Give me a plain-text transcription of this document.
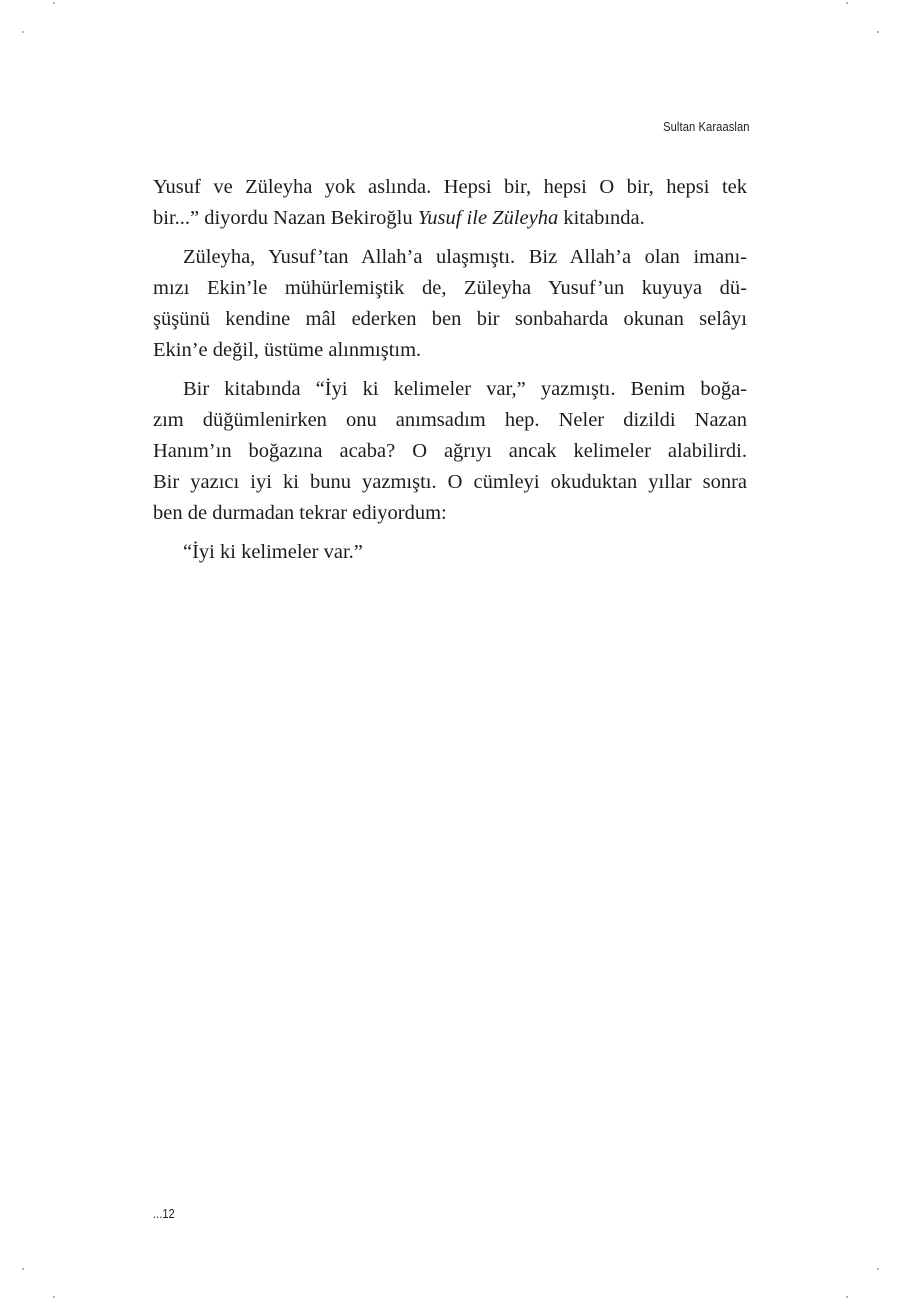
Sultan Karaaslan
Yusuf ve Züleyha yok aslında. Hepsi bir, hepsi O bir, hepsi tek
bir...” diyordu Nazan Bekiroğlu Yusuf ile Züleyha kitabında.
Züleyha, Yusuf’tan Allah’a ulaşmıştı. Biz Allah’a olan imanı-
mızı Ekin’le mühürlemiştik de, Züleyha Yusuf’un kuyuya dü-
şüşünü kendine mâl ederken ben bir sonbaharda okunan selâyı
Ekin’e değil, üstüme alınmıştım.
Bir kitabında “İyi ki kelimeler var,” yazmıştı. Benim boğa-
zım düğümlenirken onu anımsadım hep. Neler dizildi Nazan
Hanım’ın boğazına acaba? O ağrıyı ancak kelimeler alabilirdi.
Bir yazıcı iyi ki bunu yazmıştı. O cümleyi okuduktan yıllar sonra
ben de durmadan tekrar ediyordum:
“İyi ki kelimeler var.”
...12
